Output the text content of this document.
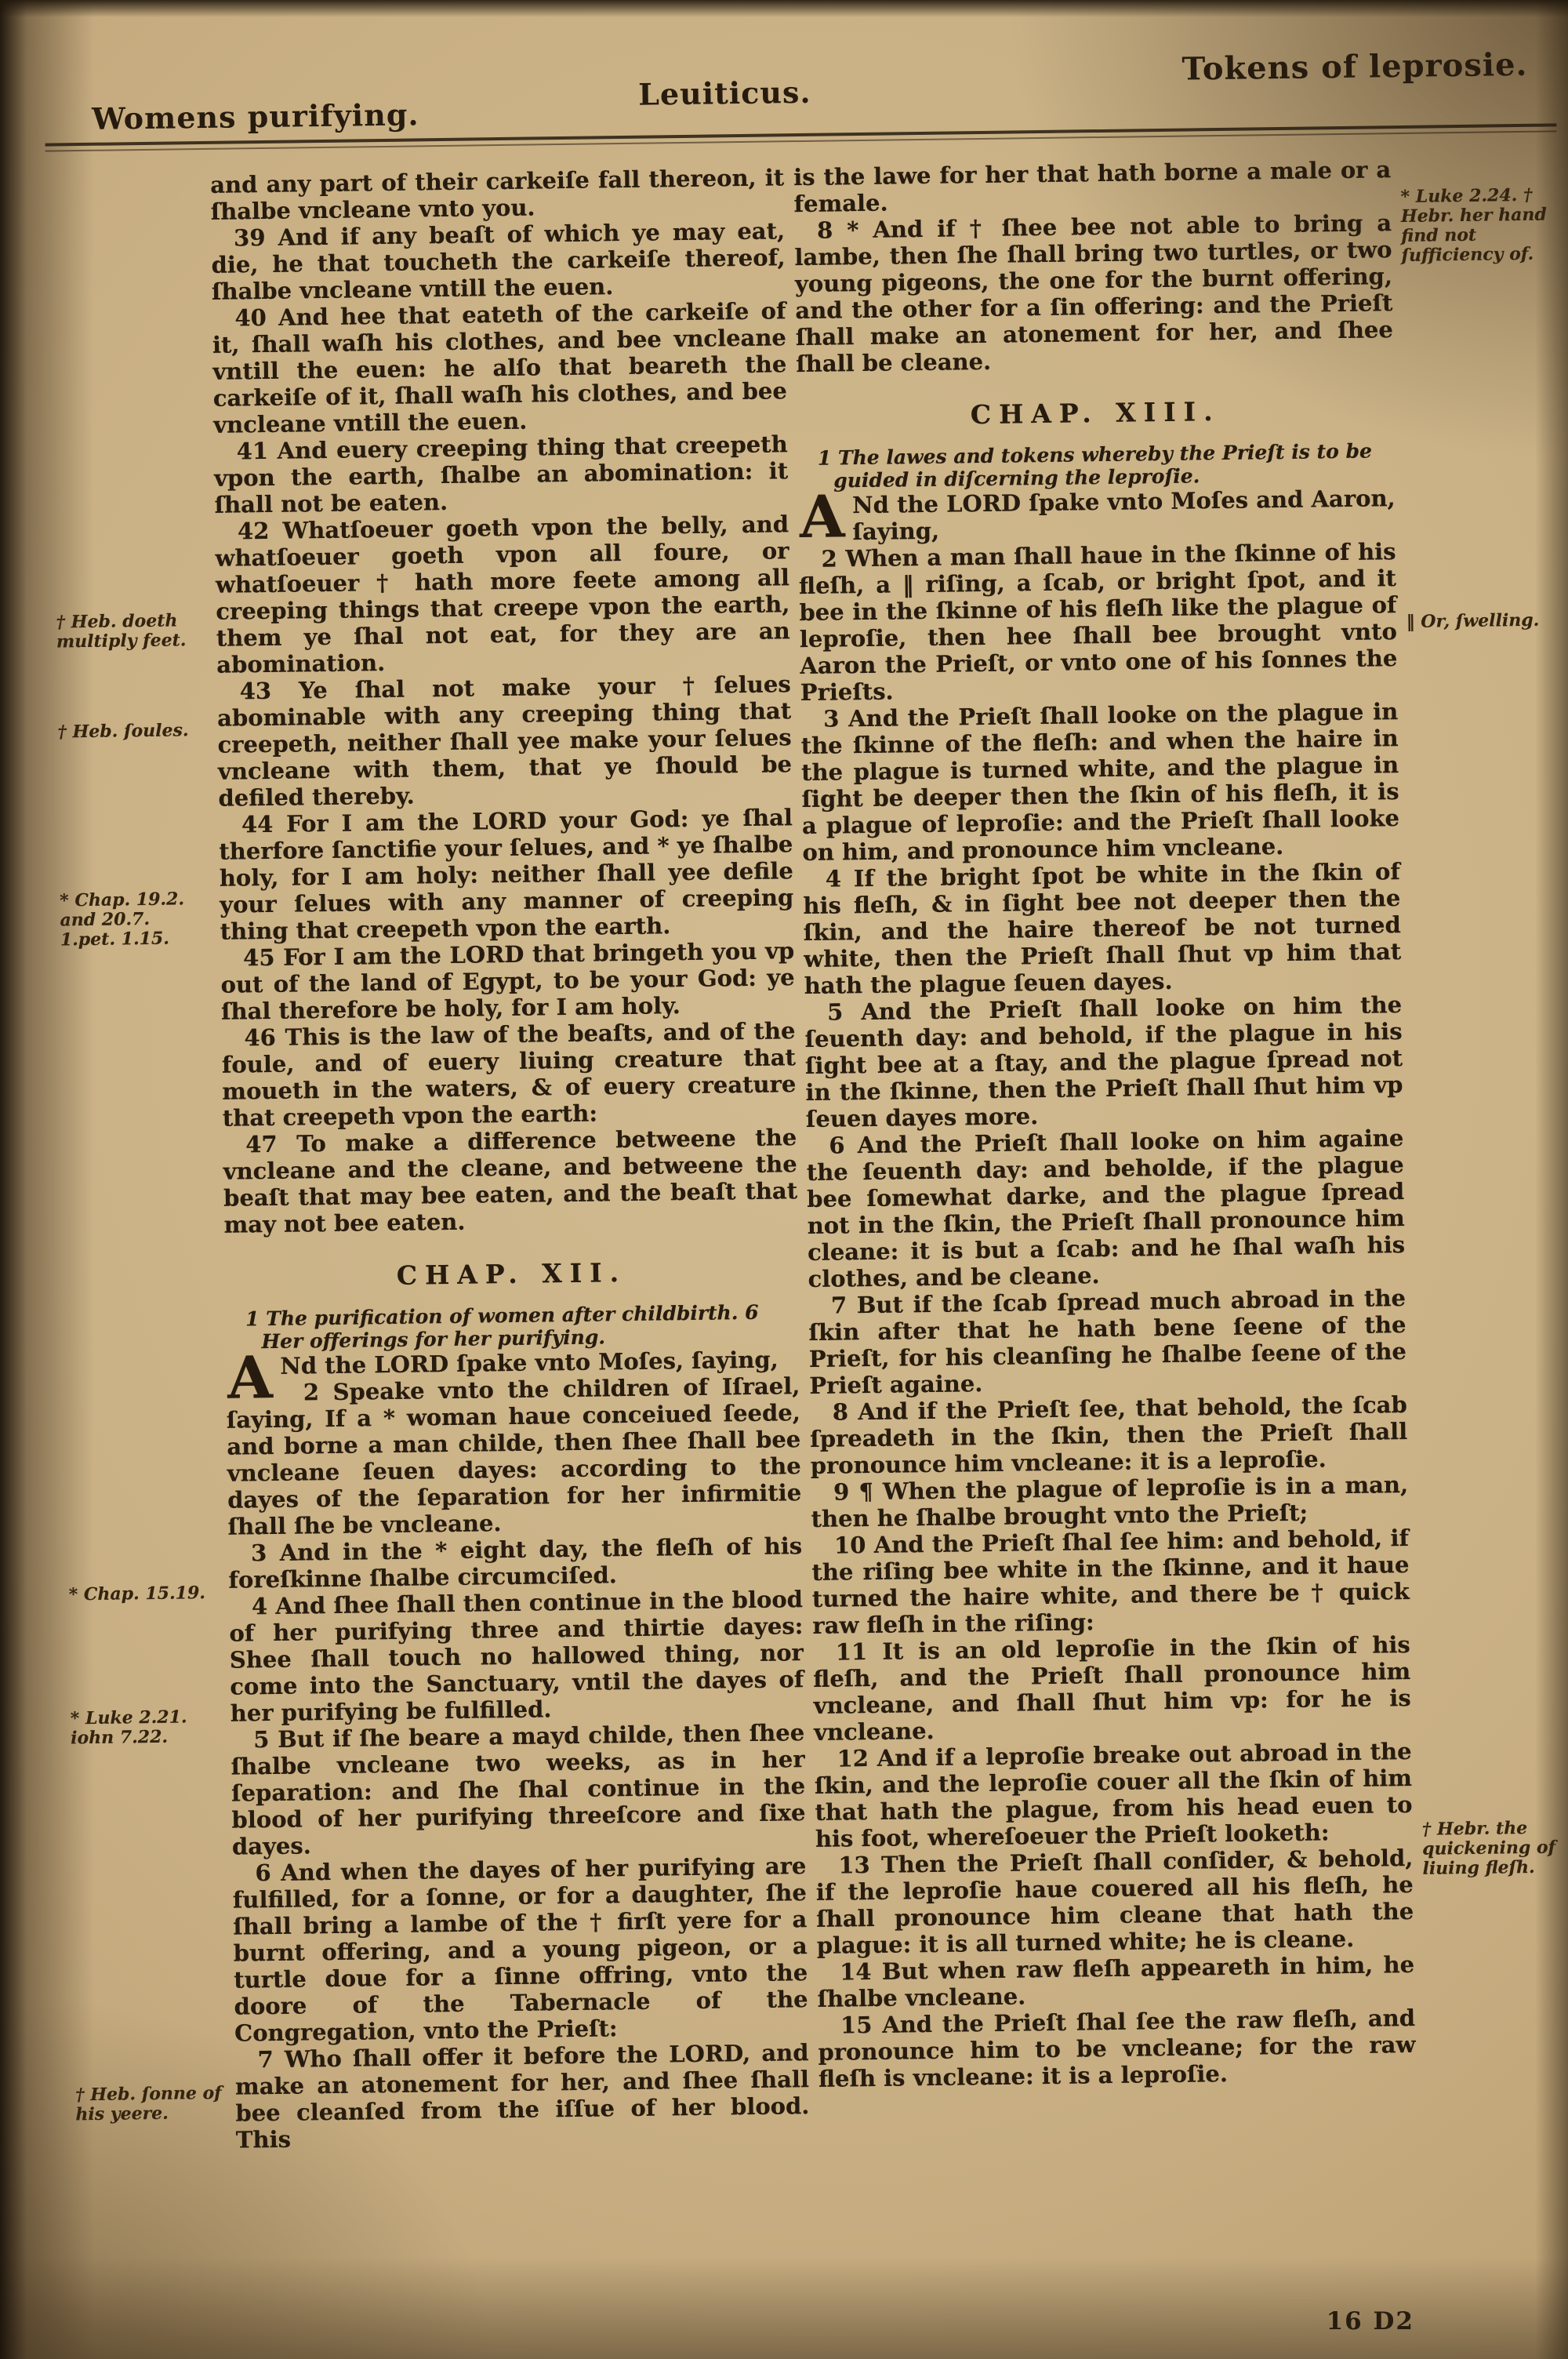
Womens purifying.
Leuiticus.
Tokens of leprosie.
† Heb. doeth multiply feet.
† Heb. ſoules.
* Chap. 19.2. and 20.7. 1.pet. 1.15.
* Chap. 15.19.
* Luke 2.21. iohn 7.22.
† Heb. ſonne of his yeere.

and any part of their carkeiſe fall thereon, it ſhalbe vncleane vnto you.

39 And if any beaſt of which ye may eat, die, he that toucheth the carkeiſe thereof, ſhalbe vncleane vntill the euen.

40 And hee that eateth of the carkeiſe of it, ſhall waſh his clothes, and bee vncleane vntill the euen: he alſo that beareth the carkeiſe of it, ſhall waſh his clothes, and bee vncleane vntill the euen.

41 And euery creeping thing that creepeth vpon the earth, ſhalbe an abomination: it ſhall not be eaten.

42 Whatſoeuer goeth vpon the belly, and whatſoeuer goeth vpon all foure, or whatſoeuer † hath more feete among all creeping things that creepe vpon the earth, them ye ſhal not eat, for they are an abomination.

43 Ye ſhal not make your †ſelues abominable with any creeping thing that creepeth, neither ſhall yee make your ſelues vncleane with them, that ye ſhould be defiled thereby.

44 For I am the LORD your God: ye ſhal therfore ſanctifie your ſelues, and * ye ſhalbe holy, for I am holy: neither ſhall yee defile your ſelues with any manner of creeping thing that creepeth vpon the earth.

45 For I am the LORD that bringeth you vp out of the land of Egypt, to be your God: ye ſhal therefore be holy, for I am holy.

46 This is the law of the beaſts, and of the foule, and of euery liuing creature that moueth in the waters, & of euery creature that creepeth vpon the earth:

47 To make a difference betweene the vncleane and the cleane, and betweene the beaſt that may bee eaten, and the beaſt that may not bee eaten.

CHAP. XII.

1 The purification of women after childbirth. 6 Her offerings for her purifying.

A Nd the LORD ſpake vnto Moſes, ſaying,

2 Speake vnto the children of Iſrael, ſaying, If a * woman haue conceiued ſeede, and borne a man childe, then ſhee ſhall bee vncleane ſeuen dayes: according to the dayes of the ſeparation for her infirmitie ſhall ſhe be vncleane.

3 And in the * eight day, the fleſh of his foreſkinne ſhalbe circumciſed.

4 And ſhee ſhall then continue in the blood of her purifying three and thirtie dayes: Shee ſhall touch no hallowed thing, nor come into the Sanctuary, vntil the dayes of her purifying be fulfilled.

5 But if ſhe beare a mayd childe, then ſhee ſhalbe vncleane two weeks, as in her ſeparation: and ſhe ſhal continue in the blood of her purifying threeſcore and ſixe dayes.

6 And when the dayes of her purifying are fulfilled, for a ſonne, or for a daughter, ſhe ſhall bring a lambe of the † firſt yere for a burnt offering, and a young pigeon, or a turtle doue for a ſinne offring, vnto the doore of the Tabernacle of the Congregation, vnto the Prieſt:

7 Who ſhall offer it before the LORD, and make an atonement for her, and ſhee ſhall bee cleanſed from the iſſue of her blood. This

is the lawe for her that hath borne a male or a female.

8 * And if † ſhee bee not able to bring a lambe, then ſhe ſhall bring two turtles, or two young pigeons, the one for the burnt offering, and the other for a ſin offering: and the Prieſt ſhall make an atonement for her, and ſhee ſhall be cleane.

CHAP. XIII.

1 The lawes and tokens whereby the Prieſt is to be guided in diſcerning the leproſie.

A Nd the LORD ſpake vnto Moſes and Aaron, ſaying,

2 When a man ſhall haue in the ſkinne of his fleſh, a ‖ riſing, a ſcab, or bright ſpot, and it bee in the ſkinne of his fleſh like the plague of leproſie, then hee ſhall bee brought vnto Aaron the Prieſt, or vnto one of his ſonnes the Prieſts.

3 And the Prieſt ſhall looke on the plague in the ſkinne of the fleſh: and when the haire in the plague is turned white, and the plague in ſight be deeper then the ſkin of his fleſh, it is a plague of leproſie: and the Prieſt ſhall looke on him, and pronounce him vncleane.

4 If the bright ſpot be white in the ſkin of his fleſh, & in ſight bee not deeper then the ſkin, and the haire thereof be not turned white, then the Prieſt ſhall ſhut vp him that hath the plague ſeuen dayes.

5 And the Prieſt ſhall looke on him the ſeuenth day: and behold, if the plague in his ſight bee at a ſtay, and the plague ſpread not in the ſkinne, then the Prieſt ſhall ſhut him vp ſeuen dayes more.

6 And the Prieſt ſhall looke on him againe the ſeuenth day: and beholde, if the plague bee ſomewhat darke, and the plague ſpread not in the ſkin, the Prieſt ſhall pronounce him cleane: it is but a ſcab: and he ſhal waſh his clothes, and be cleane.

7 But if the ſcab ſpread much abroad in the ſkin after that he hath bene ſeene of the Prieſt, for his cleanſing he ſhalbe ſeene of the Prieſt againe.

8 And if the Prieſt ſee, that behold, the ſcab ſpreadeth in the ſkin, then the Prieſt ſhall pronounce him vncleane: it is a leproſie.

9 ¶ When the plague of leproſie is in a man, then he ſhalbe brought vnto the Prieſt;

10 And the Prieſt ſhal ſee him: and behold, if the riſing bee white in the ſkinne, and it haue turned the haire white, and there be † quick raw fleſh in the riſing:

11 It is an old leproſie in the ſkin of his fleſh, and the Prieſt ſhall pronounce him vncleane, and ſhall ſhut him vp: for he is vncleane.

12 And if a leproſie breake out abroad in the ſkin, and the leproſie couer all the ſkin of him that hath the plague, from his head euen to his foot, whereſoeuer the Prieſt looketh:

13 Then the Prieſt ſhall conſider, & behold, if the leproſie haue couered all his fleſh, he ſhall pronounce him cleane that hath the plague: it is all turned white; he is cleane.

14 But when raw fleſh appeareth in him, he ſhalbe vncleane.

15 And the Prieſt ſhal ſee the raw fleſh, and pronounce him to be vncleane; for the raw fleſh is vncleane: it is a leproſie.

* Luke 2.24. † Hebr. her hand find not ſufficiency of.
‖ Or, ſwelling.
† Hebr. the quickening of liuing fleſh.
16 D2
